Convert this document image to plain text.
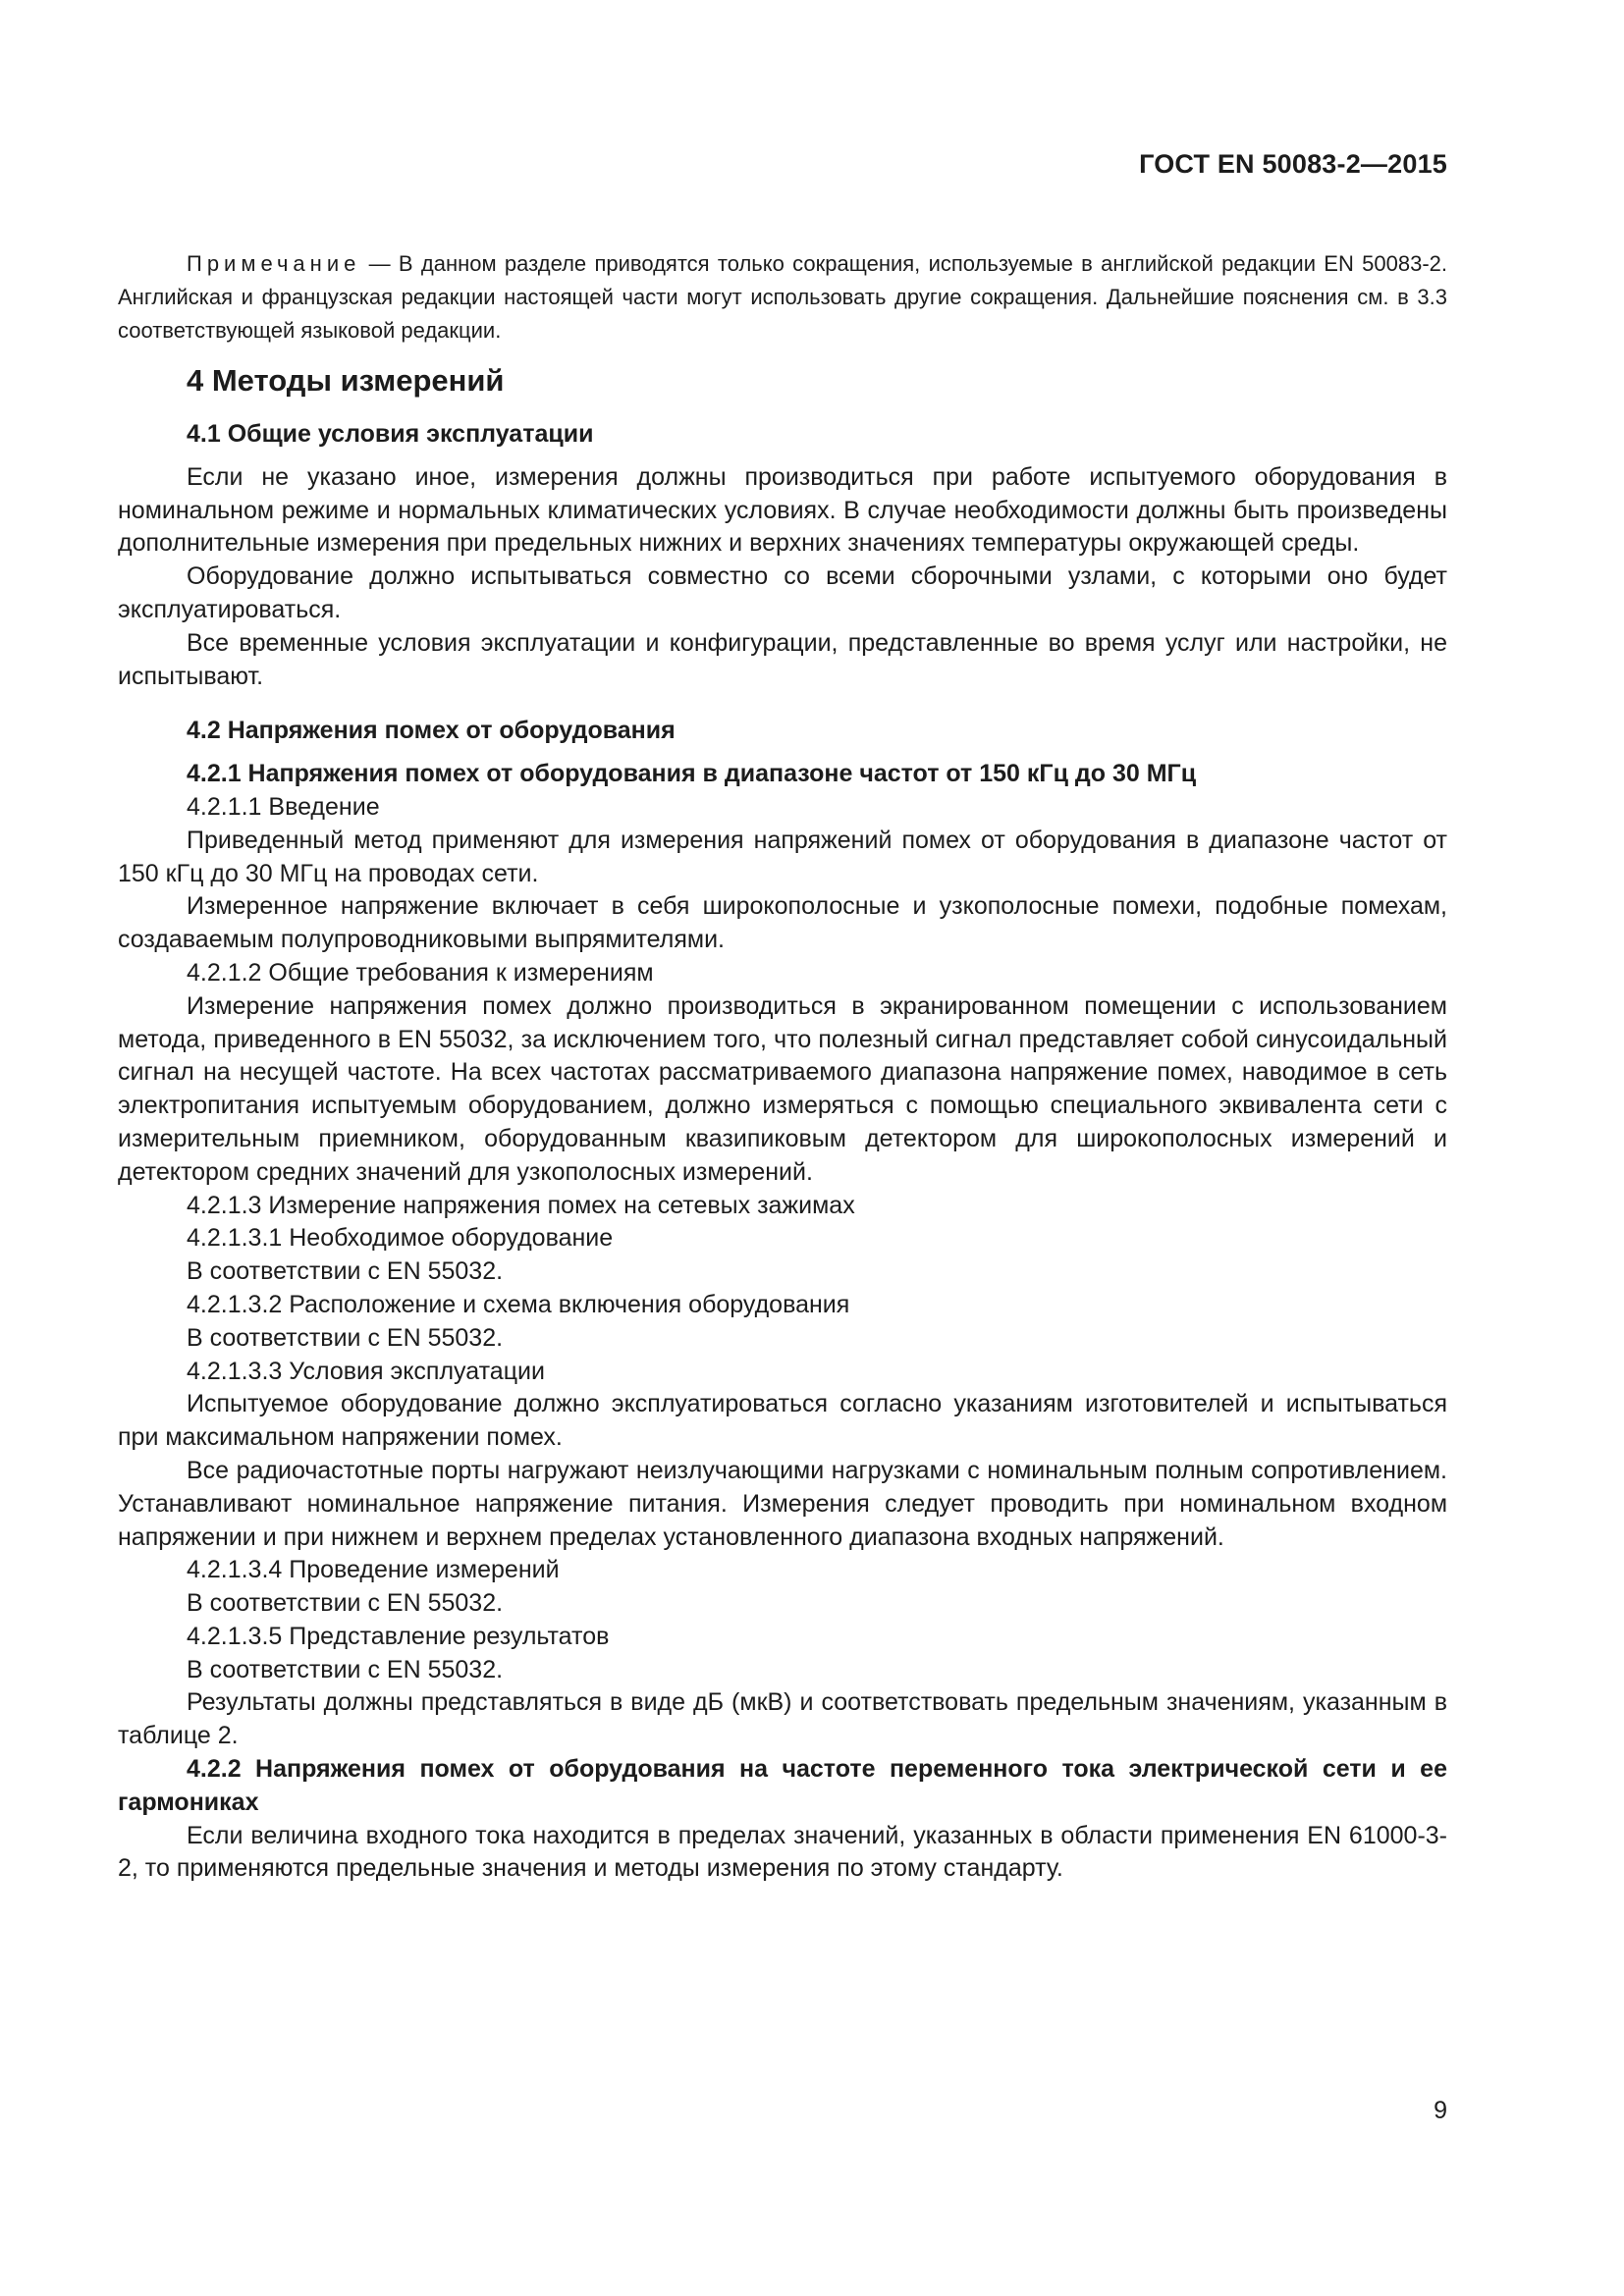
ГОСТ EN 50083-2—2015

Примечание — В данном разделе приводятся только сокращения, используемые в английской редакции EN 50083-2. Английская и французская редакции настоящей части могут использовать другие сокращения. Дальнейшие пояснения см. в 3.3 соответствующей языковой редакции.

4 Методы измерений
4.1 Общие условия эксплуатации

Если не указано иное, измерения должны производиться при работе испытуемого оборудования в номинальном режиме и нормальных климатических условиях. В случае необходимости должны быть произведены дополнительные измерения при предельных нижних и верхних значениях температуры окружающей среды.

Оборудование должно испытываться совместно со всеми сборочными узлами, с которыми оно будет эксплуатироваться.

Все временные условия эксплуатации и конфигурации, представленные во время услуг или настройки, не испытывают.

4.2 Напряжения помех от оборудования
4.2.1 Напряжения помех от оборудования в диапазоне частот от 150 кГц до 30 МГц
4.2.1.1 Введение

Приведенный метод применяют для измерения напряжений помех от оборудования в диапазоне частот от 150 кГц до 30 МГц на проводах сети.

Измеренное напряжение включает в себя широкополосные и узкополосные помехи, подобные помехам, создаваемым полупроводниковыми выпрямителями.

4.2.1.2 Общие требования к измерениям

Измерение напряжения помех должно производиться в экранированном помещении с использованием метода, приведенного в EN 55032, за исключением того, что полезный сигнал представляет собой синусоидальный сигнал на несущей частоте. На всех частотах рассматриваемого диапазона напряжение помех, наводимое в сеть электропитания испытуемым оборудованием, должно измеряться с помощью специального эквивалента сети с измерительным приемником, оборудованным квазипиковым детектором для широкополосных измерений и детектором средних значений для узкополосных измерений.

4.2.1.3 Измерение напряжения помех на сетевых зажимах
4.2.1.3.1 Необходимое оборудование
В соответствии с EN 55032.
4.2.1.3.2 Расположение и схема включения оборудования
В соответствии с EN 55032.
4.2.1.3.3 Условия эксплуатации

Испытуемое оборудование должно эксплуатироваться согласно указаниям изготовителей и испытываться при максимальном напряжении помех.

Все радиочастотные порты нагружают неизлучающими нагрузками с номинальным полным сопротивлением. Устанавливают номинальное напряжение питания. Измерения следует проводить при номинальном входном напряжении и при нижнем и верхнем пределах установленного диапазона входных напряжений.

4.2.1.3.4 Проведение измерений
В соответствии с EN 55032.
4.2.1.3.5 Представление результатов
В соответствии с EN 55032.

Результаты должны представляться в виде дБ (мкВ) и соответствовать предельным значениям, указанным в таблице 2.

4.2.2 Напряжения помех от оборудования на частоте переменного тока электрической сети и ее гармониках

Если величина входного тока находится в пределах значений, указанных в области применения EN 61000-3-2, то применяются предельные значения и методы измерения по этому стандарту.

9
